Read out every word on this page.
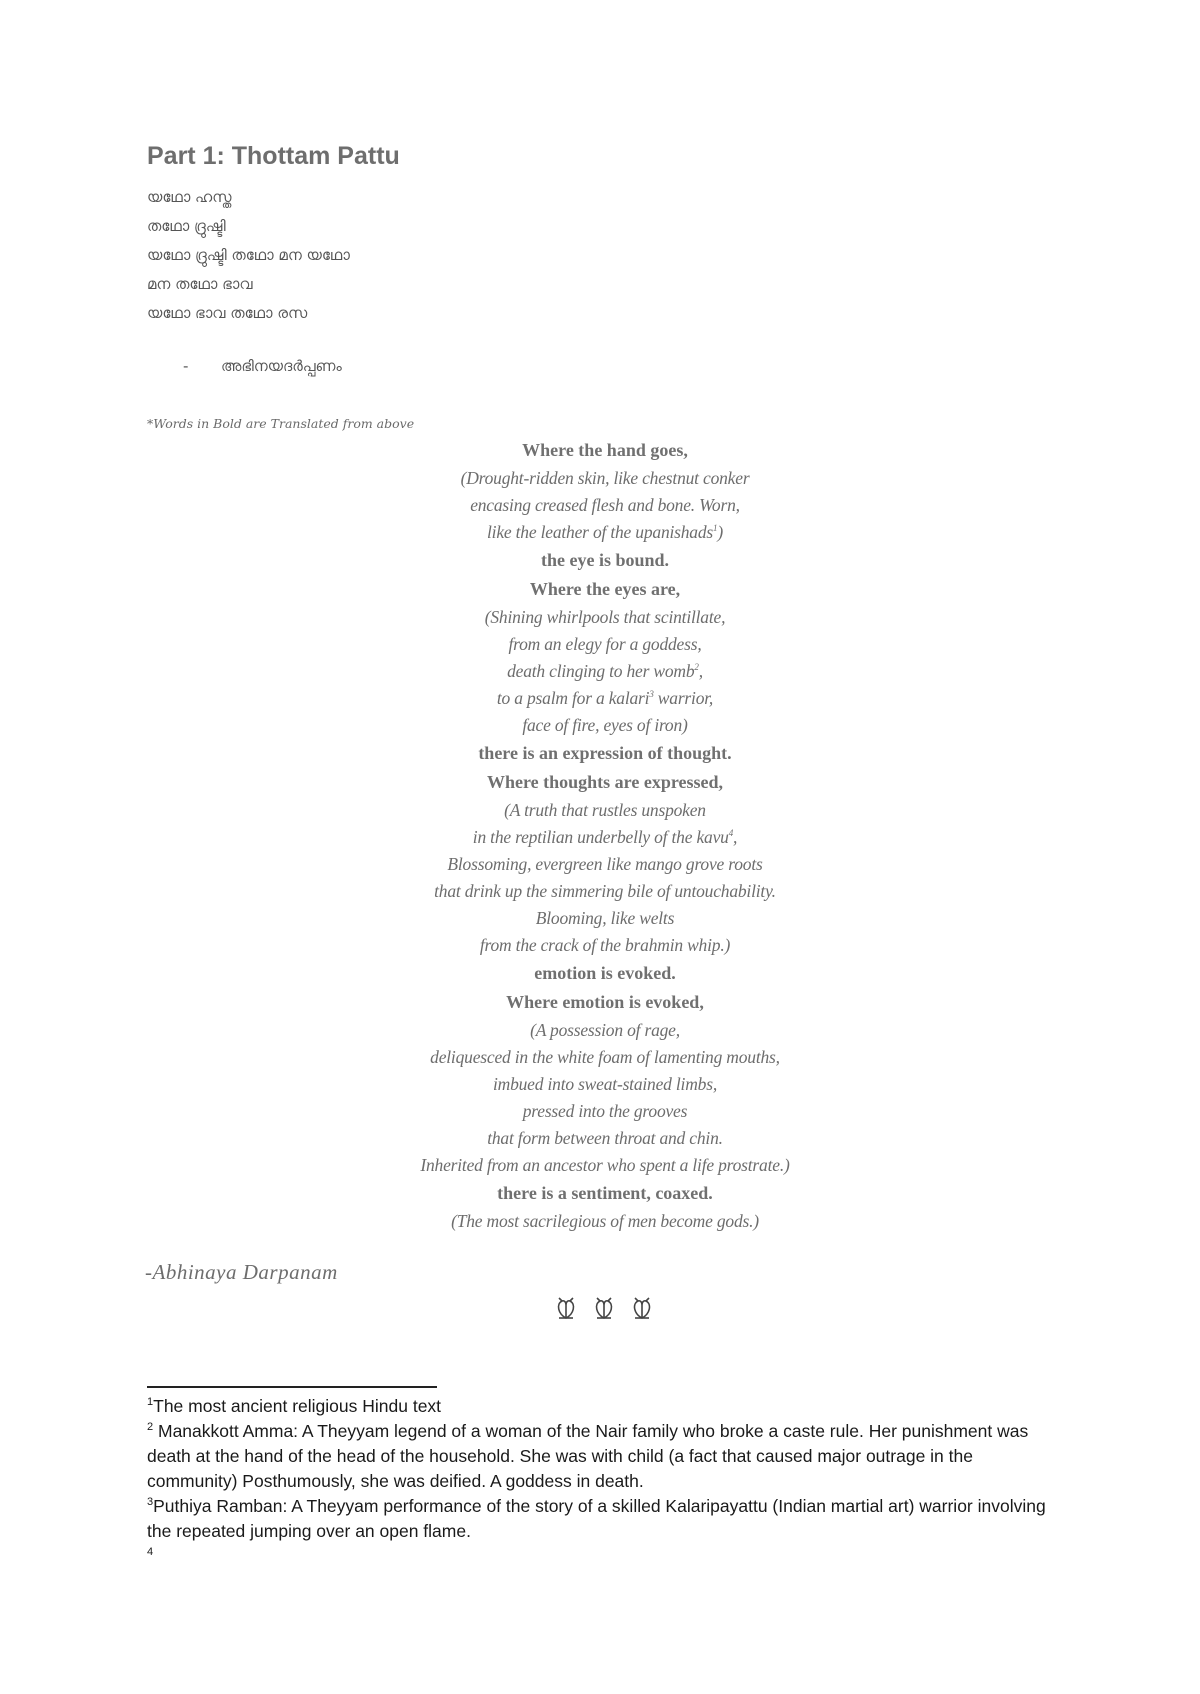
Part 1: Thottam Pattu
യഥോ ഹസ്ത
തഥോ ദ്രുഷ്ടി
യഥോ ദ്രുഷ്ടി തഥോ മന യഥോ
മന തഥോ ഭാവ
യഥോ ഭാവ തഥോ രസ
- അഭിനയദർപ്പണം
*Words in Bold are Translated from above
Where the hand goes,
(Drought-ridden skin, like chestnut conker
encasing creased flesh and bone. Worn,
like the leather of the upanishads$^1$)
the eye is bound.
Where the eyes are,
(Shining whirlpools that scintillate,
from an elegy for a goddess,
death clinging to her womb$^2$,
to a psalm for a kalari$^3$ warrior,
face of fire, eyes of iron)
there is an expression of thought.
Where thoughts are expressed,
(A truth that rustles unspoken
in the reptilian underbelly of the kavu$^4$,
Blossoming, evergreen like mango grove roots
that drink up the simmering bile of untouchability.
Blooming, like welts
from the crack of the brahmin whip.)
emotion is evoked.
Where emotion is evoked,
(A possession of rage,
deliquesced in the white foam of lamenting mouths,
imbued into sweat-stained limbs,
pressed into the grooves
that form between throat and chin.
Inherited from an ancestor who spent a life prostrate.)
there is a sentiment, coaxed.
(The most sacrilegious of men become gods.)
-Abhinaya Darpanam

$^1$The most ancient religious Hindu text

$^2$ Manakkott Amma: A Theyyam legend of a woman of the Nair family who broke a caste rule. Her punishment was death at the hand of the head of the household. She was with child (a fact that caused major outrage in the community) Posthumously, she was deified. A goddess in death.

$^3$Puthiya Ramban: A Theyyam performance of the story of a skilled Kalaripayattu (Indian martial art) warrior involving the repeated jumping over an open flame.

$^4$
